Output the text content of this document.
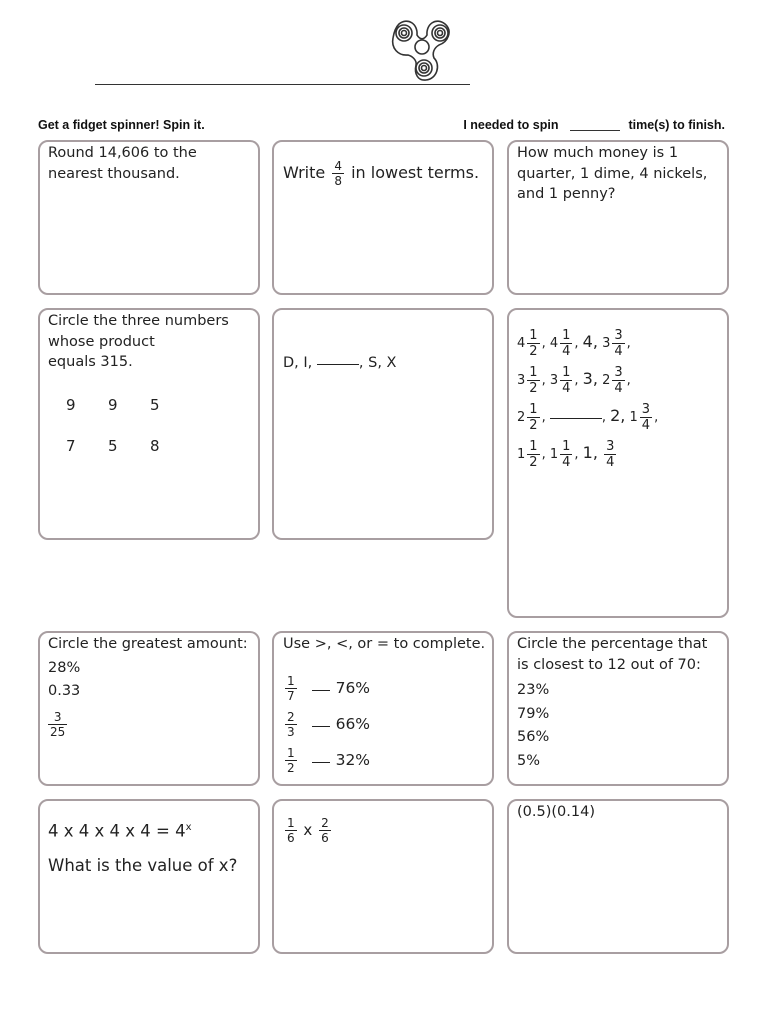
Get a fidget spinner! Spin it.	I needed to spin	time(s) to finish.
Round 14,606 to the
nearest thousand.	Write $\frac{4}{8}$ in lowest terms.
How much money is 1
quarter, 1 dime, 4 nickels,
and 1 penny?
Circle the three numbers
whose product
equals 315.
9 9 5
7 5 8
D, I,	, S, X
$4 \frac{1}{2}$ , $4 \frac{1}{4}$ , 4, $3 \frac{3}{4}$ ,
$3 \frac{1}{2}$ , $3 \frac{1}{4}$ , 3, $2 \frac{3}{4}$ ,
$2 \frac{1}{2}$ ,	, 2, $1 \frac{3}{4}$ ,
$1 \frac{1}{2}$ , $1 \frac{1}{4}$ , 1, $\frac{3}{4}$
Circle the greatest amount:
28%
0.33
$\frac{3}{25}$
Use >, <, or = to complete.
$\frac{1}{7}$	76%
$\frac{2}{3}$	66%
$\frac{1}{2}$	32%
Circle the percentage that
is closest to 12 out of 70:
23%
79%
56%
5%
4 x 4 x 4 x $4 = 4^x$
What is the value of x?
$\frac{1}{6}$ x $\frac{2}{6}$
(0.5)(0.14)
